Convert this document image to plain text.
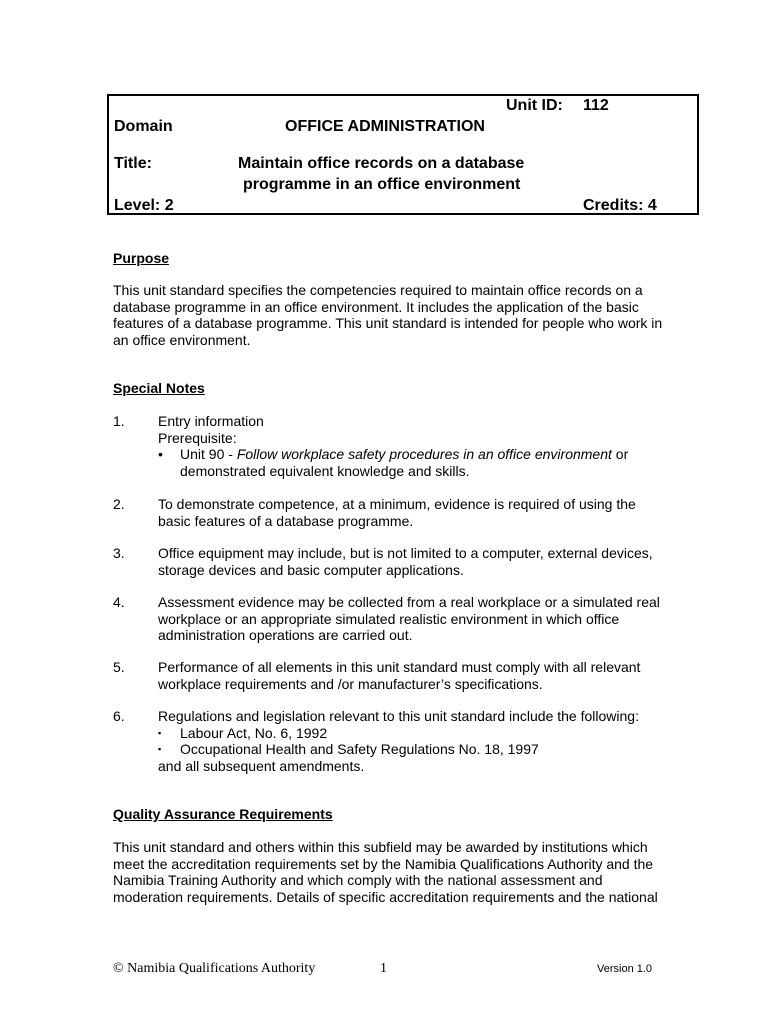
Unit ID: 112
Domain	OFFICE ADMINISTRATION
Title:	Maintain office records on a database
programme in an office environment
Level: 2	Credits: 4
Purpose
This unit standard specifies the competencies required to maintain office records on a
database programme in an office environment. It includes the application of the basic
features of a database programme. This unit standard is intended for people who work in
an office environment.
Special Notes
1. Entry information
Prerequisite:
• Unit 90 - Follow workplace safety procedures in an office environment or
demonstrated equivalent knowledge and skills.
2. To demonstrate competence, at a minimum, evidence is required of using the
basic features of a database programme.
3. Office equipment may include, but is not limited to a computer, external devices,
storage devices and basic computer applications.
4. Assessment evidence may be collected from a real workplace or a simulated real
workplace or an appropriate simulated realistic environment in which office
administration operations are carried out.
5. Performance of all elements in this unit standard must comply with all relevant
workplace requirements and /or manufacturer’s specifications.
6. Regulations and legislation relevant to this unit standard include the following:
▪ Labour Act, No. 6, 1992
▪ Occupational Health and Safety Regulations No. 18, 1997
and all subsequent amendments.
Quality Assurance Requirements
This unit standard and others within this subfield may be awarded by institutions which
meet the accreditation requirements set by the Namibia Qualifications Authority and the
Namibia Training Authority and which comply with the national assessment and
moderation requirements. Details of specific accreditation requirements and the national
© Namibia Qualifications Authority	1	Version 1.0
